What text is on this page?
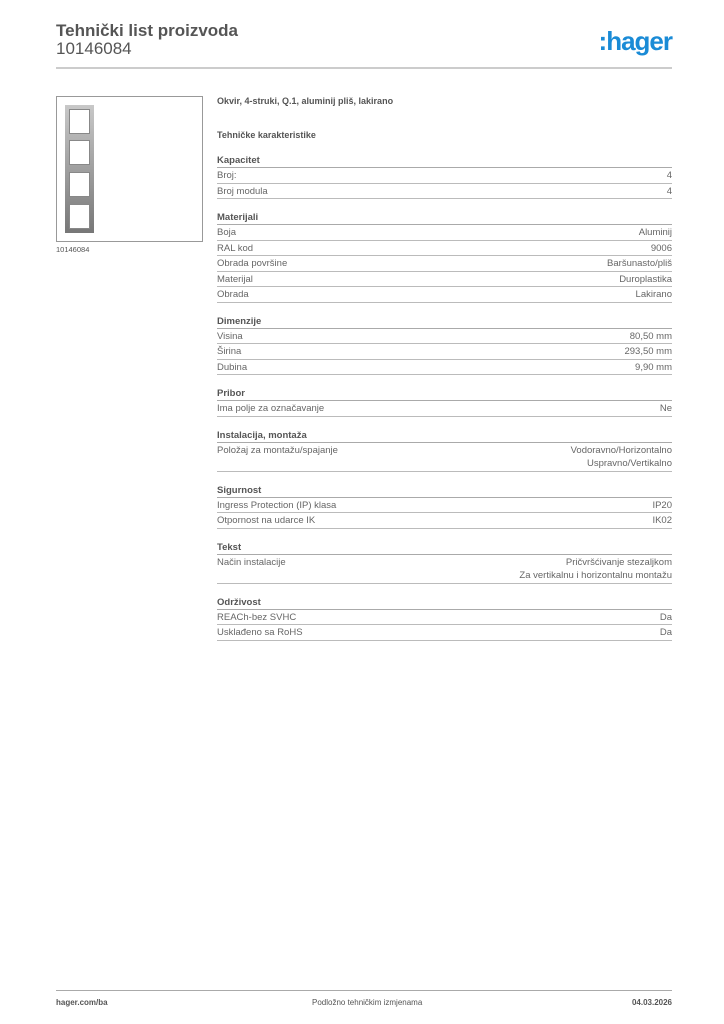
Tehnički list proizvoda
10146084	:hager
10146084
Okvir, 4-struki, Q.1, aluminij pliš, lakirano
Tehničke karakteristike
Kapacitet
Broj:	4
Broj modula	4
Materijali
Boja	Aluminij
RAL kod	9006
Obrada površine	Baršunasto/pliš
Materijal	Duroplastika
Obrada	Lakirano
Dimenzije
Visina	80,50 mm
Širina	293,50 mm
Dubina	9,90 mm
Pribor
Ima polje za označavanje	Ne
Instalacija, montaža
Položaj za montažu/spajanje	Vodoravno/Horizontalno
Uspravno/Vertikalno
Sigurnost
Ingress Protection (IP) klasa	IP20
Otpornost na udarce IK	IK02
Tekst
Način instalacije	Pričvršćivanje stezaljkom
Za vertikalnu i horizontalnu montažu
Održivost
REACh-bez SVHC	Da
Usklađeno sa RoHS	Da
hager.com/ba	Podložno tehničkim izmjenama	04.03.2026
